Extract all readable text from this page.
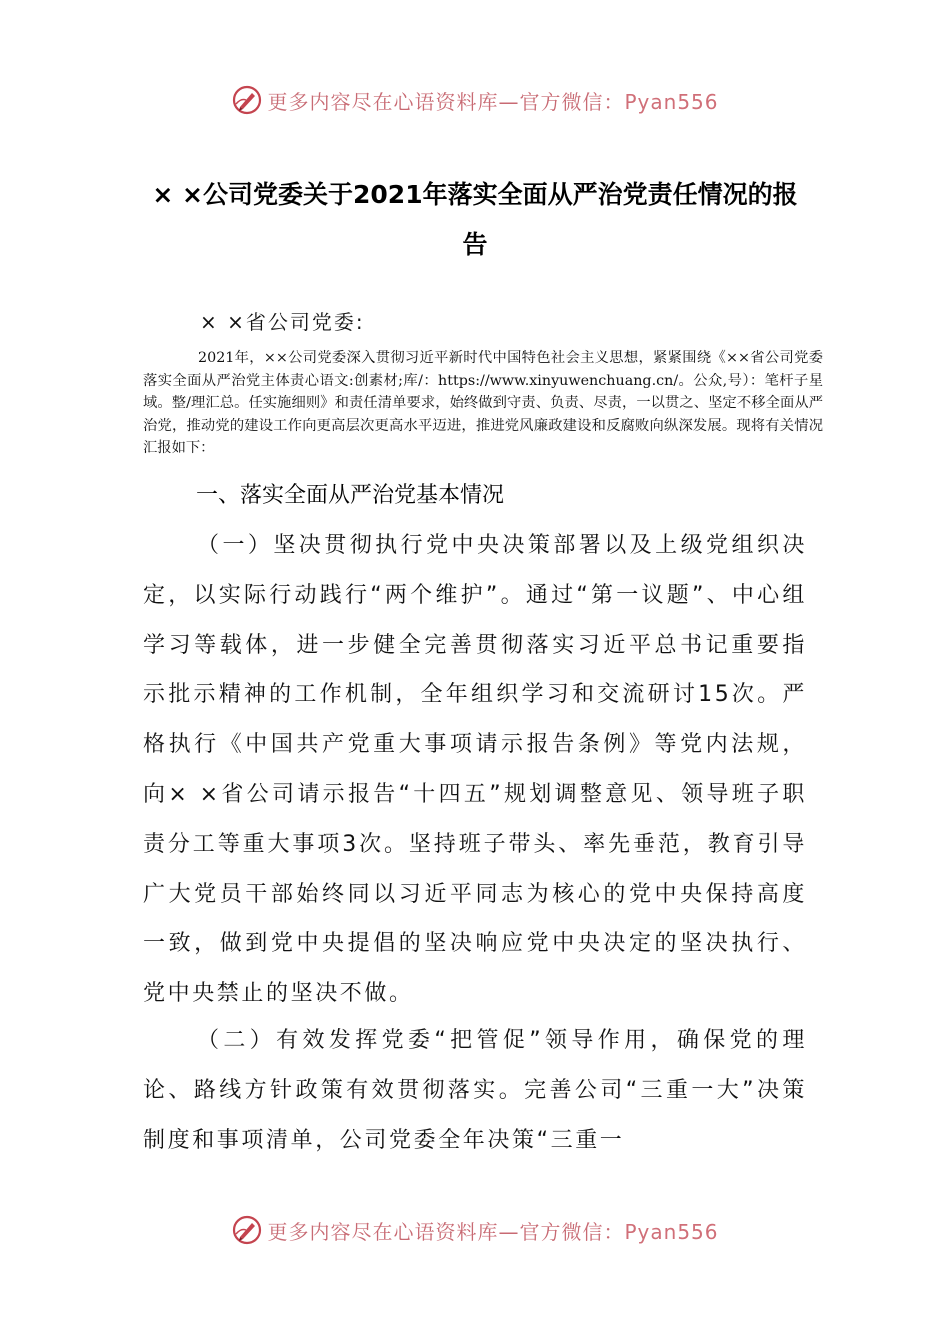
更多内容尽在心语资料库—官方微信：Pyan556
× ×公司党委关于2021年落实全面从严治党责任情况的报
告
× ×省公司党委:
2021年，××公司党委深入贯彻习近平新时代中国特色社会主义思想，紧紧围绕《××省公司党委落实全面从严治党主体责心语文:创素材;库/：https://www.xinyuwenchuang.cn/。公众,号）：笔杆子星域。整/理汇总。任实施细则》和责任清单要求，始终做到守责、负责、尽责，一以贯之、坚定不移全面从严治党，推动党的建设工作向更高层次更高水平迈进，推进党风廉政建设和反腐败向纵深发展。现将有关情况汇报如下：
一、落实全面从严治党基本情况

（一）坚决贯彻执行党中央决策部署以及上级党组织决定，以实际行动践行“两个维护”。通过“第一议题”、中心组学习等载体，进一步健全完善贯彻落实习近平总书记重要指示批示精神的工作机制，全年组织学习和交流研讨15次。严格执行《中国共产党重大事项请示报告条例》等党内法规，向× ×省公司请示报告“十四五”规划调整意见、领导班子职责分工等重大事项3次。坚持班子带头、率先垂范，教育引导广大党员干部始终同以习近平同志为核心的党中央保持高度一致，做到党中央提倡的坚决响应党中央决定的坚决执行、党中央禁止的坚决不做。

（二）有效发挥党委“把管促”领导作用，确保党的理论、路线方针政策有效贯彻落实。完善公司“三重一大”决策制度和事项清单，公司党委全年决策“三重一

更多内容尽在心语资料库—官方微信：Pyan556
